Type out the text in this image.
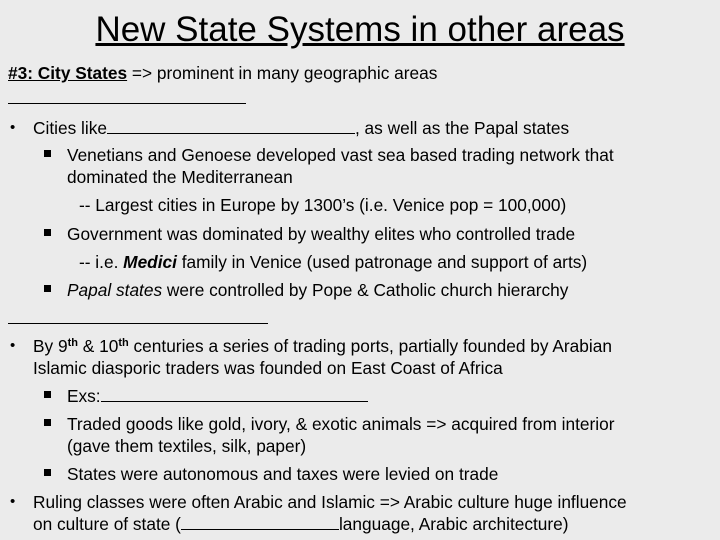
New State Systems in other areas
#3: City States => prominent in many geographic areas
• Cities like	, as well as the Papal states
Venetians and Genoese developed vast sea based trading network that
dominated the Mediterranean
-- Largest cities in Europe by 1300’s (i.e. Venice pop = 100,000)
Government was dominated by wealthy elites who controlled trade
-- i.e. Medici family in Venice (used patronage and support of arts)
Papal states were controlled by Pope & Catholic church hierarchy
• By 9th & 10th centuries a series of trading ports, partially founded by Arabian
Islamic diasporic traders was founded on East Coast of Africa
Exs:
Traded goods like gold, ivory, & exotic animals => acquired from interior
(gave them textiles, silk, paper)
States were autonomous and taxes were levied on trade
• Ruling classes were often Arabic and Islamic => Arabic culture huge influence
on culture of state (	language, Arabic architecture)
